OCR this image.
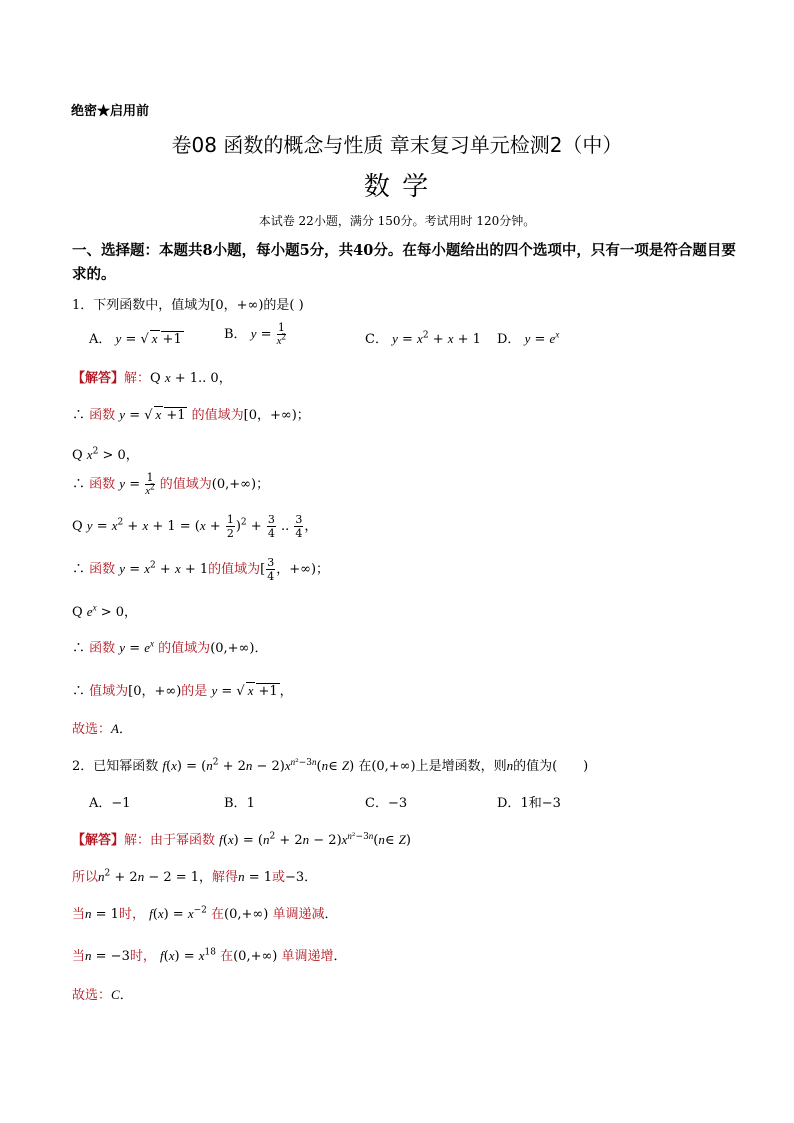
绝密★启用前
卷08 函数的概念与性质 章末复习单元检测2（中）
数 学
本试卷 22小题，满分 150分。考试用时 120分钟。
一、选择题：本题共8小题，每小题5分，共40分。在每小题给出的四个选项中，只有一项是符合题目要
求的。
1．下列函数中，值域为[0，+∞)的是( )
A． y = √ x +1	B． $y = \frac{1}{x^2}$	C． $y = x^2 + x + 1$ D． $y = e^x$
【解答】解：Q x + 1.. 0，
∴ 函数 y = √ x +1 的值域为[0，+∞)；
Q $x^2 > 0$，
∴ 函数 $y = \frac{1}{x^2}$ 的值域为(0,+∞)；
Q $y = x^2 + x + 1 = (x + \frac{1}{2} )^2 + \frac{3}{4}$ .. $\frac{3}{4}$ ，
∴ 函数 $y = x^2 + x + 1$的值域为[ $\frac{3}{4}$ ，+∞)；
Q $e^x > 0$，
∴ 函数 $y = e^x$ 的值域为(0,+∞)．
∴ 值域为[0，+∞)的是 y = √ x +1 ，
故选：A．
2．已知幂函数 $f(x) = (n^2 + 2n$ − $2)x^{n^2-3n}(n\in$ Z) 在(0,+∞)上是增函数，则n的值为(　　)
A．−1	B．1	C．−3	D．1和−3
【解答】解：由于幂函数 $f(x) = (n^2 + 2n$ − $2)x^{n^2-3n}(n\in$ Z)
所以$n^2 + 2n - 2 = 1$，解得n = 1或−3．
当n = 1时， $f(x) = x^{-2}$ 在(0,+∞) 单调递减．
当n = −3时， $f(x) = x^{18}$ 在(0,+∞) 单调递增．
故选：C．
